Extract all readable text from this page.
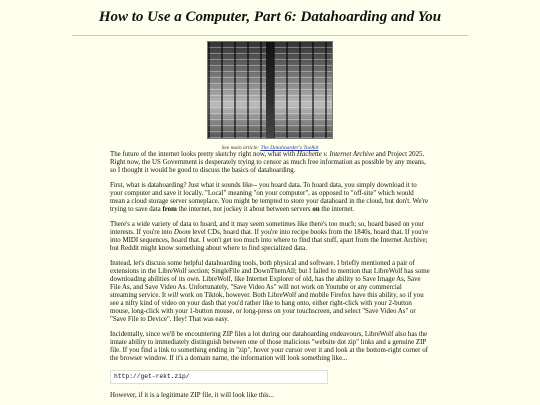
How to Use a Computer, Part 6: Datahoarding and You
See main article: The Datahoarder's Toolkit

The future of the internet looks pretty sketchy right now, what with Hachette v. Internet Archive and Project 2025. Right now, the US Government is desperately trying to censor as much free information as possible by any means, so I thought it would be good to discuss the basics of datahoarding.

First, what is datahoarding? Just what it sounds like-- you hoard data. To hoard data, you simply download it to your computer and save it locally. "Local" meaning "on your computer", as opposed to "off-site" which would mean a cloud storage server someplace. You might be tempted to store your datahoard in the cloud, but don't. We're trying to save data from the internet, not jockey it about between servers on the internet.

There's a wide variety of data to hoard, and it may seem sometimes like there's too much; so, hoard based on your interests. If you're into Doom level CDs, hoard that. If you're into recipe books from the 1840s, hoard that. If you're into MIDI sequences, hoard that. I won't get too much into where to find that stuff, apart from the Internet Archive; but Reddit might know something about where to find specialized data.

Instead, let's discuss some helpful datahoarding tools, both physical and software. I briefly mentioned a pair of extensions in the LibreWolf section; SingleFile and DownThemAll; but I failed to mention that LibreWolf has some downloading abilities of its own. LibreWolf, like Internet Explorer of old, has the ability to Save Image As, Save File As, and Save Video As. Unfortunately, "Save Video As" will not work on Youtube or any commercial streaming service. It will work on Tiktok, however. Both LibreWolf and mobile Firefox have this ability, so if you see a nifty kind of video on your dash that you'd rather like to hang onto, either right-click with your 2-button mouse, long-click with your 1-button mouse, or long-press on your touchscreen, and select "Save Video As" or "Save File to Device". Hey! That was easy.

Incidentally, since we'll be encountering ZIP files a lot during our datahoarding endeavours, LibreWolf also has the innate ability to immediately distinguish between one of those malicious "website dot zip" links and a genuine ZIP file. If you find a link to something ending in "zip", hover your cursor over it and look at the bottom-right corner of the browser window. If it's a domain name, the information will look something like...

http://get-rekt.zip/

However, if it is a legitimate ZIP file, it will look like this...
